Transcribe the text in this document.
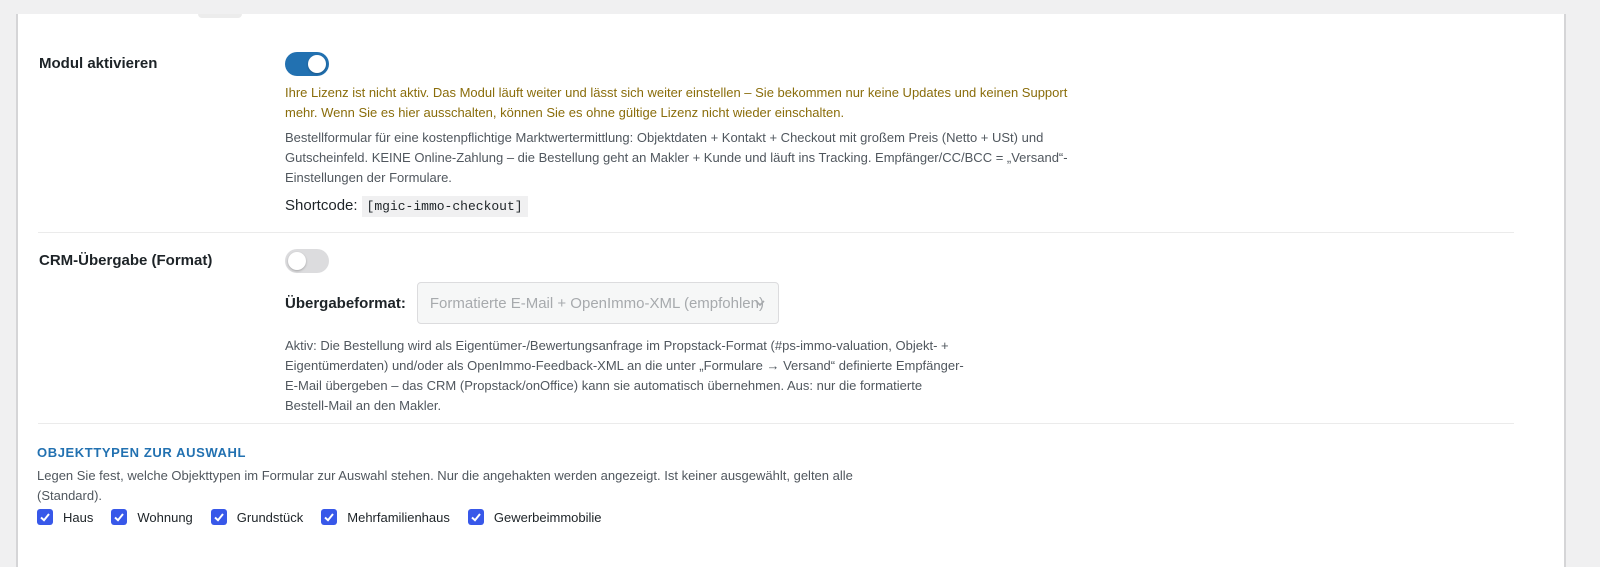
Modul aktivieren
Ihre Lizenz ist nicht aktiv. Das Modul läuft weiter und lässt sich weiter einstellen – Sie bekommen nur keine Updates und keinen Support mehr. Wenn Sie es hier ausschalten, können Sie es ohne gültige Lizenz nicht wieder einschalten.
Bestellformular für eine kostenpflichtige Marktwertermittlung: Objektdaten + Kontakt + Checkout mit großem Preis (Netto + USt) und Gutscheinfeld. KEINE Online-Zahlung – die Bestellung geht an Makler + Kunde und läuft ins Tracking. Empfänger/CC/BCC = „Versand“-Einstellungen der Formulare.
Shortcode: [mgic-immo-checkout]
CRM-Übergabe (Format)
Übergabeformat: Formatierte E-Mail + OpenImmo-XML (empfohlen)
Aktiv: Die Bestellung wird als Eigentümer-/Bewertungsanfrage im Propstack-Format (#ps-immo-valuation, Objekt- + Eigentümerdaten) und/oder als OpenImmo-Feedback-XML an die unter „Formulare → Versand“ definierte Empfänger-E-Mail übergeben – das CRM (Propstack/onOffice) kann sie automatisch übernehmen. Aus: nur die formatierte Bestell-Mail an den Makler.
OBJEKTTYPEN ZUR AUSWAHL
Legen Sie fest, welche Objekttypen im Formular zur Auswahl stehen. Nur die angehakten werden angezeigt. Ist keiner ausgewählt, gelten alle (Standard).
Haus	Wohnung	Grundstück	Mehrfamilienhaus	Gewerbeimmobilie
